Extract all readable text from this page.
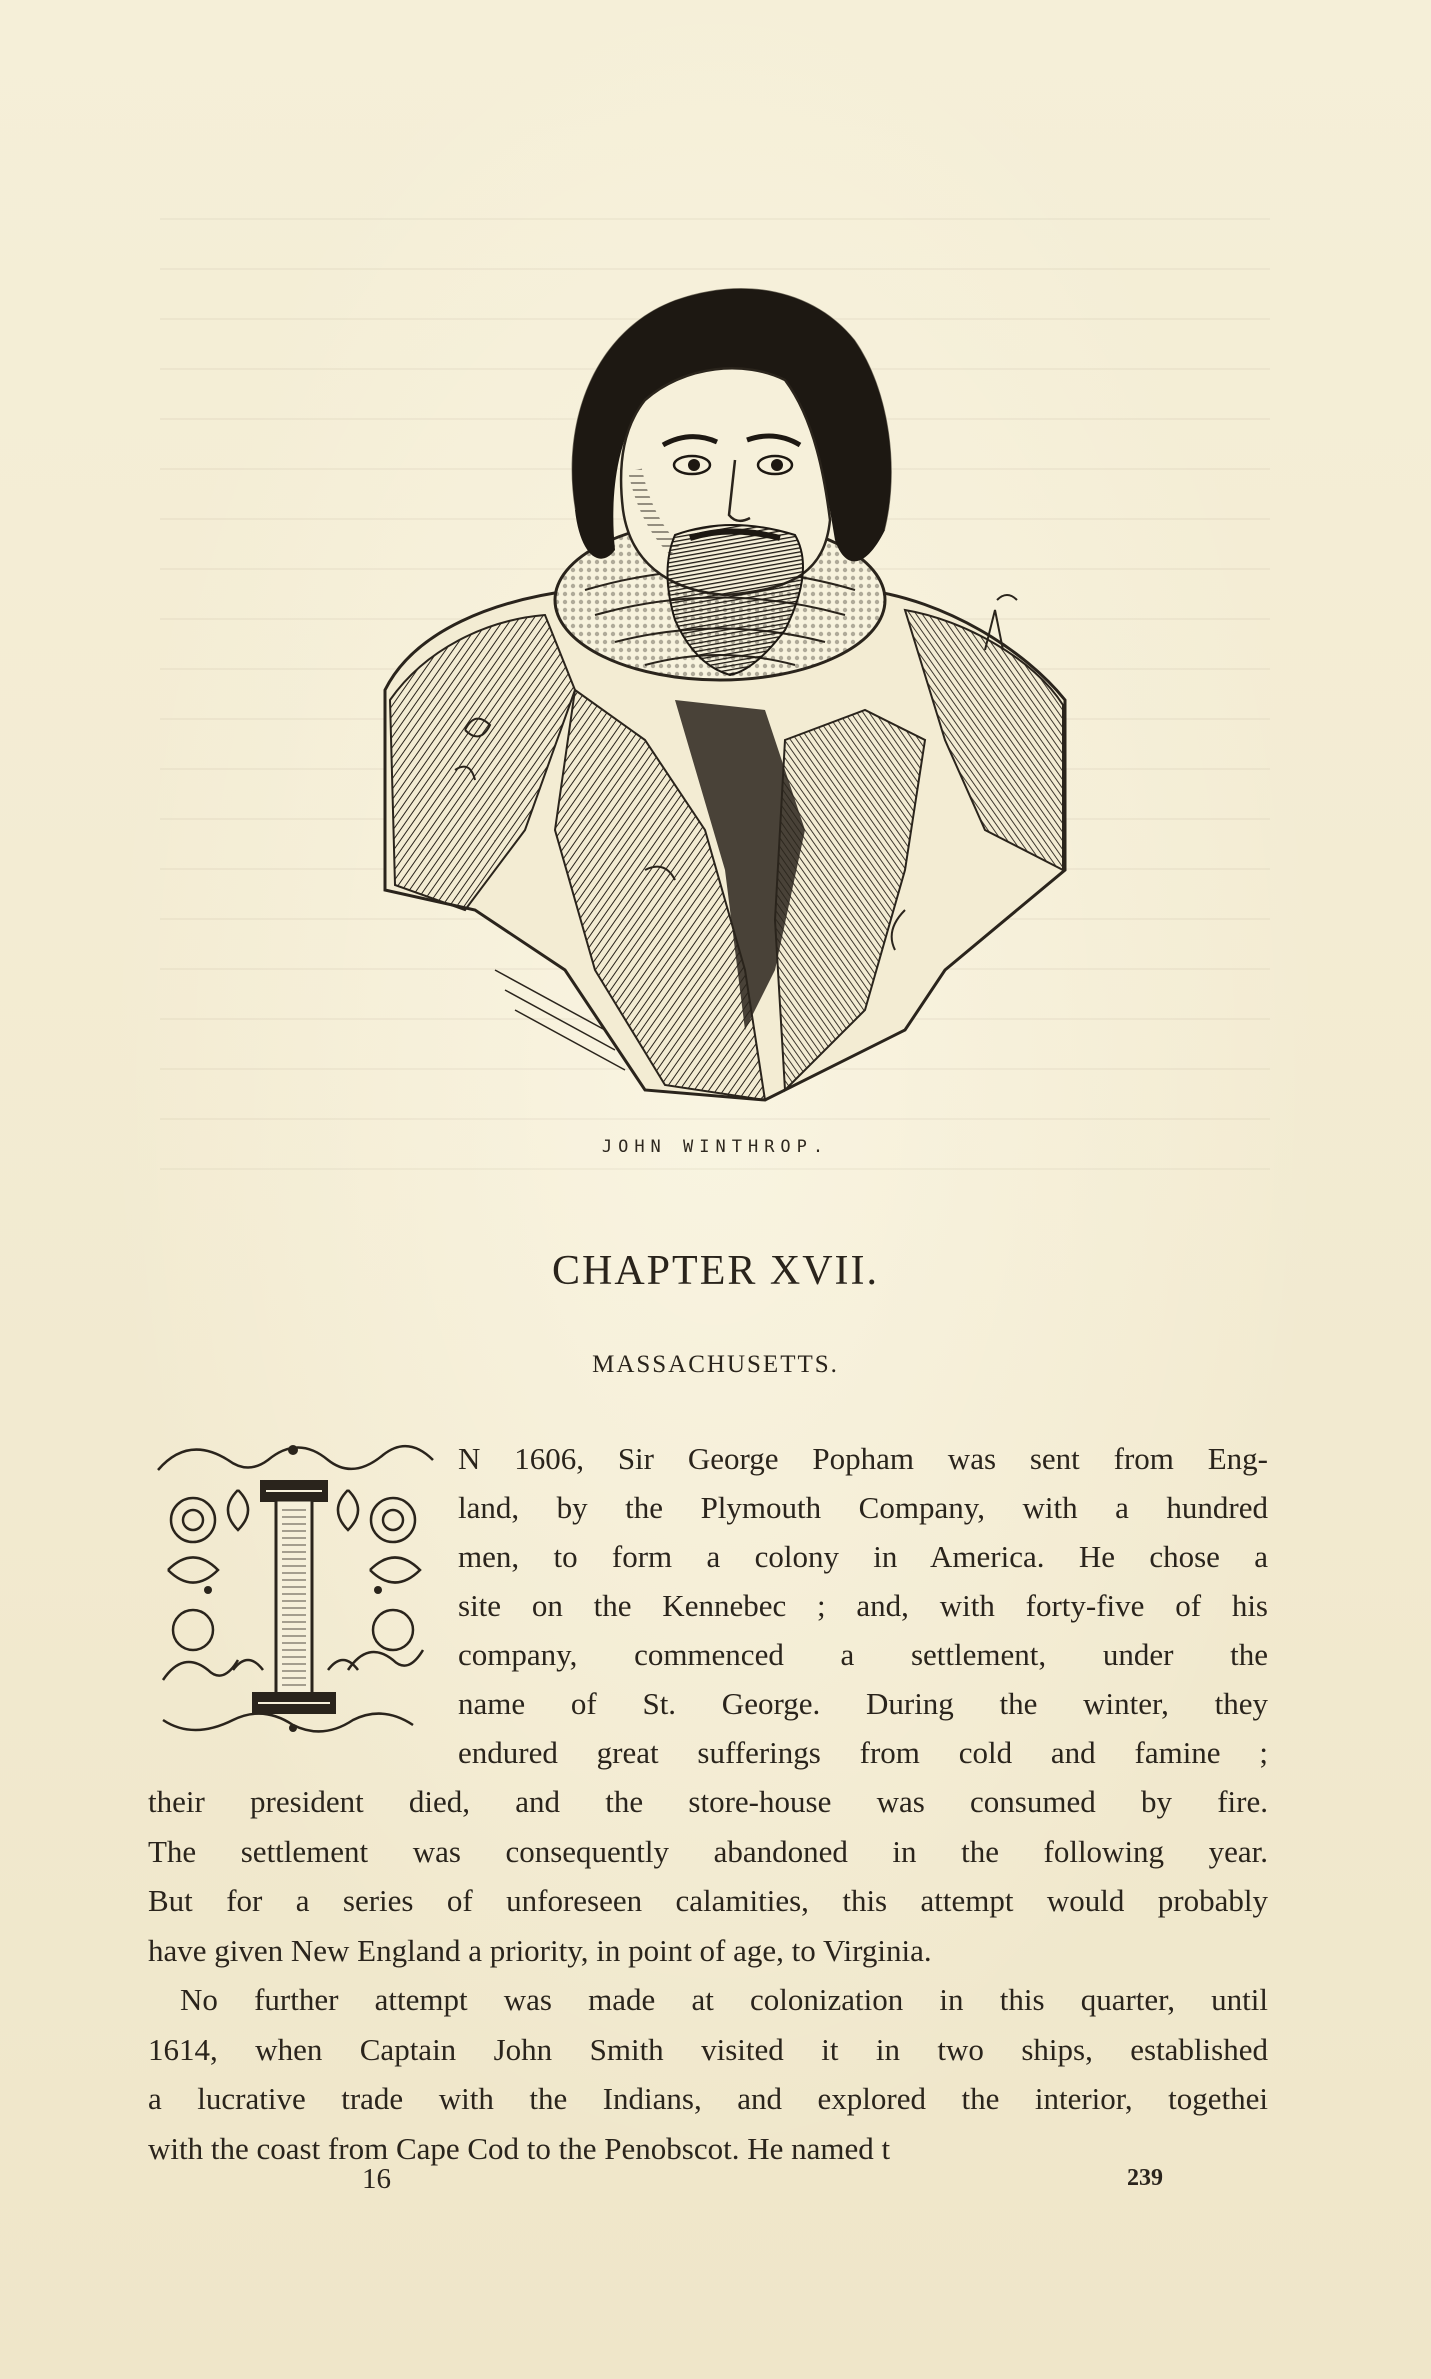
JOHN WINTHROP.
CHAPTER XVII.
MASSACHUSETTS.
N 1606, Sir George Popham was sent from Eng-
land, by the Plymouth Company, with a hundred
men, to form a colony in America. He chose a
site on the Kennebec ; and, with forty-five of his
company, commenced a settlement, under the
name of St. George. During the winter, they
endured great sufferings from cold and famine ;
their president died, and the store-house was consumed by fire.
The settlement was consequently abandoned in the following year.
But for a series of unforeseen calamities, this attempt would probably
have given New England a priority, in point of age, to Virginia.
No further attempt was made at colonization in this quarter, until
1614, when Captain John Smith visited it in two ships, established
a lucrative trade with the Indians, and explored the interior, togethei
with the coast from Cape Cod to the Penobscot. He named t
16	239
